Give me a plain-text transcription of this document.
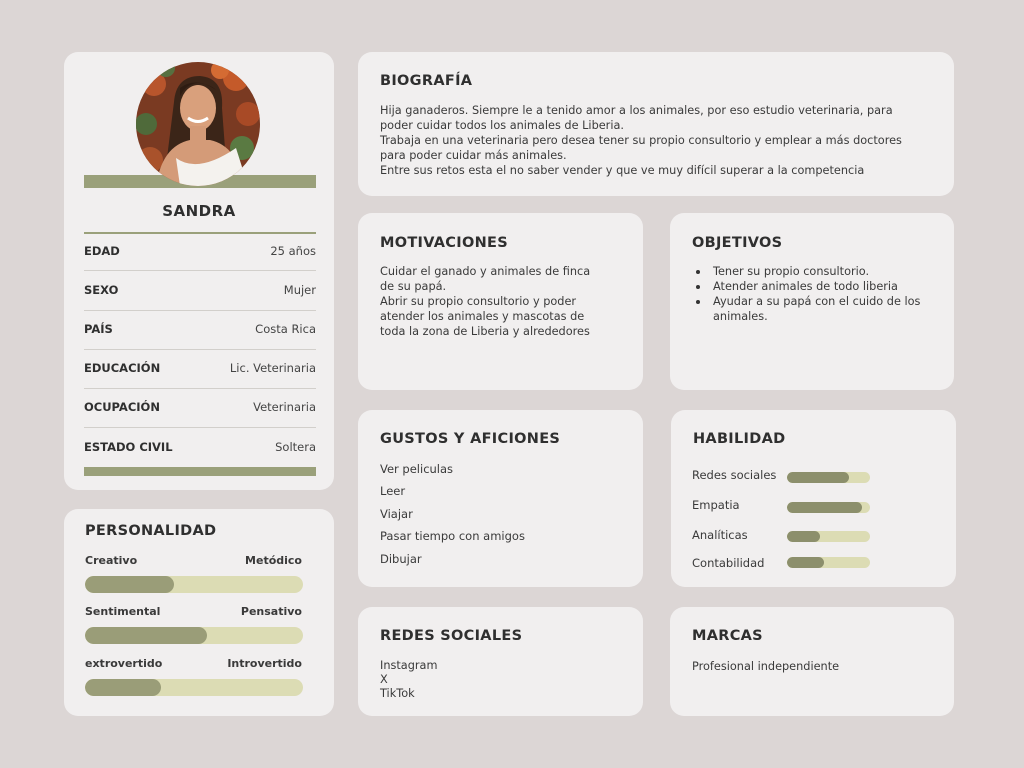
SANDRA
EDAD	25 años
SEXO	Mujer
PAÍS	Costa Rica
EDUCACIÓN	Lic. Veterinaria
OCUPACIÓN	Veterinaria
ESTADO CIVIL	Soltera
PERSONALIDAD
Creativo	Metódico
Sentimental	Pensativo
extrovertido	Introvertido
BIOGRAFÍA
Hija ganaderos. Siempre le a tenido amor a los animales, por eso estudio veterinaria, para
poder cuidar todos los animales de Liberia.
Trabaja en una veterinaria pero desea tener su propio consultorio y emplear a más doctores
para poder cuidar más animales.
Entre sus retos esta el no saber vender y que ve muy difícil superar a la competencia
MOTIVACIONES
Cuidar el ganado y animales de finca
de su papá.
Abrir su propio consultorio y poder
atender los animales y mascotas de
toda la zona de Liberia y alrededores
OBJETIVOS
Tener su propio consultorio.
Atender animales de todo liberia
Ayudar a su papá con el cuido de los animales.
GUSTOS Y AFICIONES
Ver peliculas
Leer
Viajar
Pasar tiempo con amigos
Dibujar
HABILIDAD
Redes sociales
Empatia
Analíticas
Contabilidad
REDES SOCIALES
Instagram
X
TikTok
MARCAS
Profesional independiente
